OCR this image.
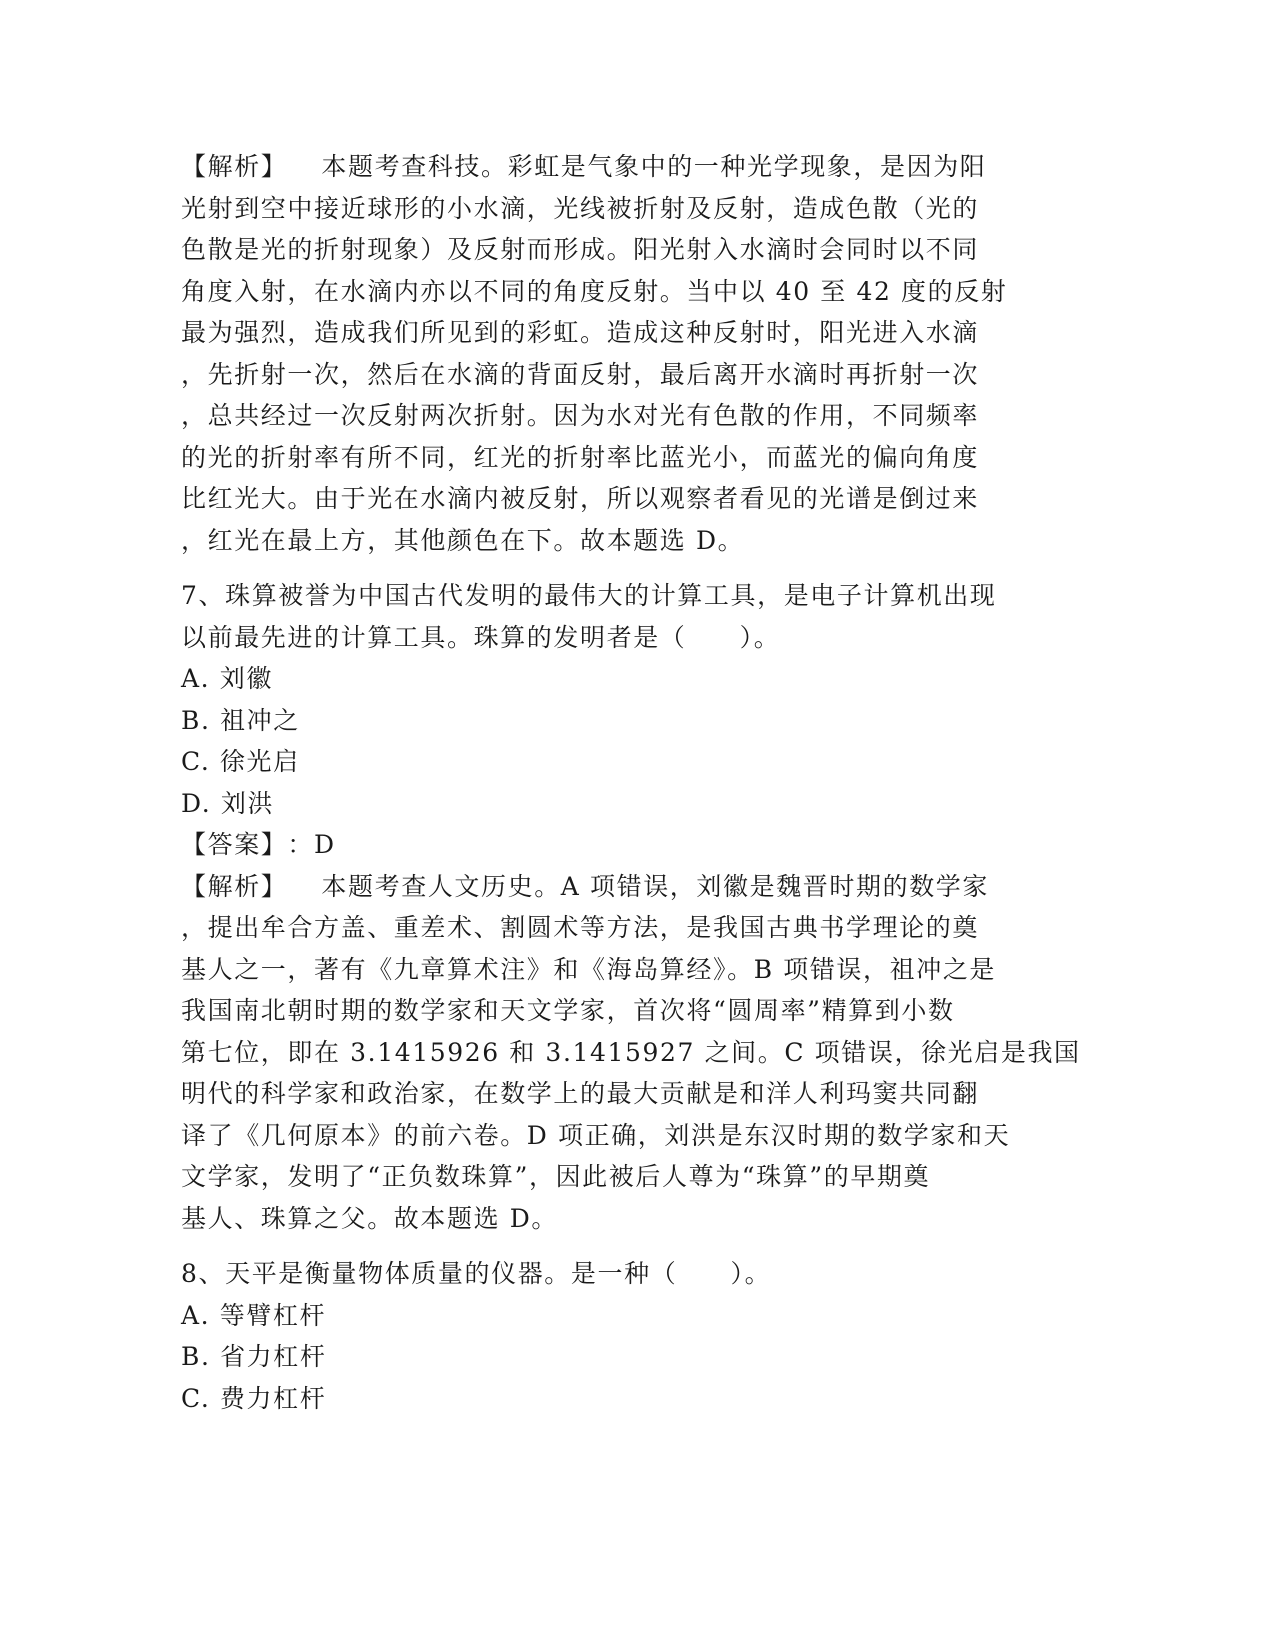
【解析】 本题考查科技。彩虹是气象中的一种光学现象，是因为阳
光射到空中接近球形的小水滴，光线被折射及反射，造成色散（光的
色散是光的折射现象）及反射而形成。阳光射入水滴时会同时以不同
角度入射，在水滴内亦以不同的角度反射。当中以 40 至 42 度的反射
最为强烈，造成我们所见到的彩虹。造成这种反射时，阳光进入水滴
，先折射一次，然后在水滴的背面反射，最后离开水滴时再折射一次
，总共经过一次反射两次折射。因为水对光有色散的作用，不同频率
的光的折射率有所不同，红光的折射率比蓝光小，而蓝光的偏向角度
比红光大。由于光在水滴内被反射，所以观察者看见的光谱是倒过来
，红光在最上方，其他颜色在下。故本题选 D。
7、珠算被誉为中国古代发明的最伟大的计算工具，是电子计算机出现
以前最先进的计算工具。珠算的发明者是（　　）。
A. 刘徽
B. 祖冲之
C. 徐光启
D. 刘洪
【答案】：D
【解析】 本题考查人文历史。A 项错误，刘徽是魏晋时期的数学家
，提出牟合方盖、重差术、割圆术等方法，是我国古典书学理论的奠
基人之一，著有《九章算术注》和《海岛算经》。B 项错误，祖冲之是
我国南北朝时期的数学家和天文学家，首次将“圆周率”精算到小数
第七位，即在 3.1415926 和 3.1415927 之间。C 项错误，徐光启是我国
明代的科学家和政治家，在数学上的最大贡献是和洋人利玛窦共同翻
译了《几何原本》的前六卷。D 项正确，刘洪是东汉时期的数学家和天
文学家，发明了“正负数珠算”，因此被后人尊为“珠算”的早期奠
基人、珠算之父。故本题选 D。
8、天平是衡量物体质量的仪器。是一种（　　）。
A. 等臂杠杆
B. 省力杠杆
C. 费力杠杆
